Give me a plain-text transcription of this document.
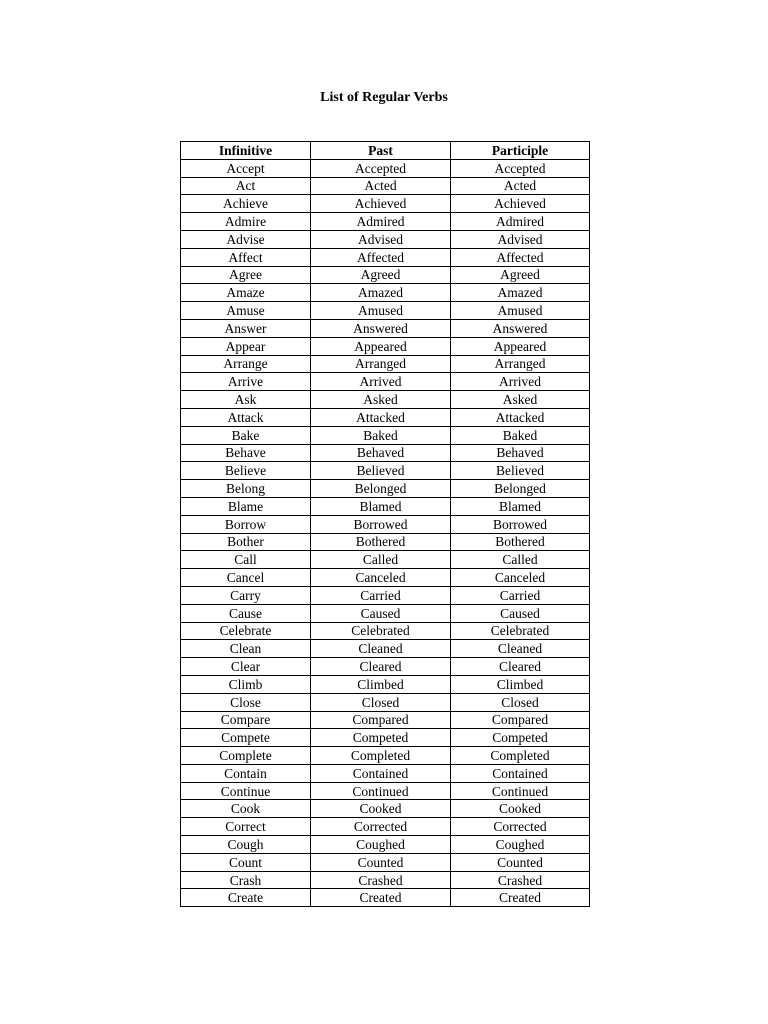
List of Regular Verbs
Infinitive	Past	Participle
Accept	Accepted	Accepted
Act	Acted	Acted
Achieve	Achieved	Achieved
Admire	Admired	Admired
Advise	Advised	Advised
Affect	Affected	Affected
Agree	Agreed	Agreed
Amaze	Amazed	Amazed
Amuse	Amused	Amused
Answer	Answered	Answered
Appear	Appeared	Appeared
Arrange	Arranged	Arranged
Arrive	Arrived	Arrived
Ask	Asked	Asked
Attack	Attacked	Attacked
Bake	Baked	Baked
Behave	Behaved	Behaved
Believe	Believed	Believed
Belong	Belonged	Belonged
Blame	Blamed	Blamed
Borrow	Borrowed	Borrowed
Bother	Bothered	Bothered
Call	Called	Called
Cancel	Canceled	Canceled
Carry	Carried	Carried
Cause	Caused	Caused
Celebrate	Celebrated	Celebrated
Clean	Cleaned	Cleaned
Clear	Cleared	Cleared
Climb	Climbed	Climbed
Close	Closed	Closed
Compare	Compared	Compared
Compete	Competed	Competed
Complete	Completed	Completed
Contain	Contained	Contained
Continue	Continued	Continued
Cook	Cooked	Cooked
Correct	Corrected	Corrected
Cough	Coughed	Coughed
Count	Counted	Counted
Crash	Crashed	Crashed
Create	Created	Created
